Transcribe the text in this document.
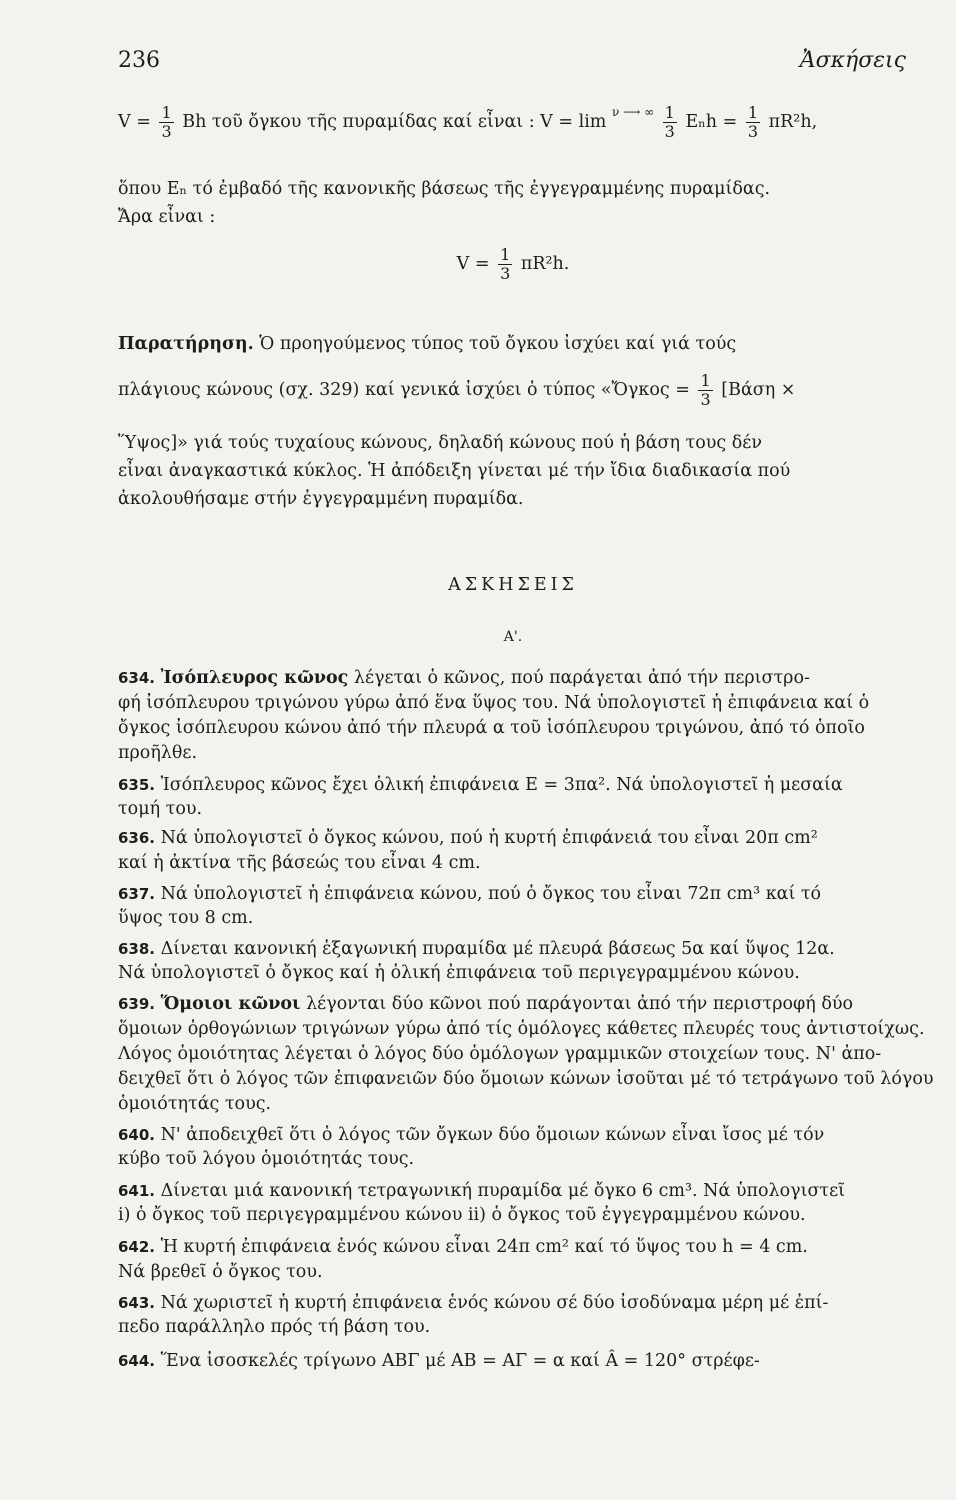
236	Ἀσκήσεις
$V = \frac{1}{3}$ Bh τοῦ ὄγκου τῆς πυραμίδας καί εἶναι : V = lim ν ⟶ ∞
$\frac{1}{3}$ $E_nh = \frac{1}{3} \pi R^2h$,
ὅπου Eₙ τό ἐμβαδό τῆς κανονικῆς βάσεως τῆς ἐγγεγραμμένης πυραμίδας.
Ἄρα εἶναι :
$V = \frac{1}{3} \pi R^2h$.
Παρατήρηση. Ὁ προηγούμενος τύπος τοῦ ὄγκου ἰσχύει καί γιά τούς
πλάγιους κώνους (σχ. 329) καί γενικά ἰσχύει ὁ τύπος «Ὄγκος = $\frac{1}{3} [Bά\sigma\eta$ ×
Ὕψος]» γιά τούς τυχαίους κώνους, δηλαδή κώνους πού ἡ βάση τους δέν
εἶναι ἀναγκαστικά κύκλος. Ἡ ἀπόδειξη γίνεται μέ τήν ἴδια διαδικασία πού
ἀκολουθήσαμε στήν ἐγγεγραμμένη πυραμίδα.
ΑΣΚΗΣΕΙΣ
Α'.
634. Ἰσόπλευρος κῶνος λέγεται ὁ κῶνος, πού παράγεται ἀπό τήν περιστρο-
φή ἰσόπλευρου τριγώνου γύρω ἀπό ἕνα ὕψος του. Νά ὑπολογιστεῖ ἡ ἐπιφάνεια καί ὁ
ὄγκος ἰσόπλευρου κώνου ἀπό τήν πλευρά α τοῦ ἰσόπλευρου τριγώνου, ἀπό τό ὁποῖο
προῆλθε.
635. Ἰσόπλευρος κῶνος ἔχει ὁλική ἐπιφάνεια E = 3πα². Νά ὑπολογιστεῖ ἡ μεσαία
τομή του.
636. Νά ὑπολογιστεῖ ὁ ὄγκος κώνου, πού ἡ κυρτή ἐπιφάνειά του εἶναι 20π cm²
καί ἡ ἀκτίνα τῆς βάσεώς του εἶναι 4 cm.
637. Νά ὑπολογιστεῖ ἡ ἐπιφάνεια κώνου, πού ὁ ὄγκος του εἶναι 72π cm³ καί τό
ὕψος του 8 cm.
638. Δίνεται κανονική ἑξαγωνική πυραμίδα μέ πλευρά βάσεως 5α καί ὕψος 12α.
Νά ὑπολογιστεῖ ὁ ὄγκος καί ἡ ὁλική ἐπιφάνεια τοῦ περιγεγραμμένου κώνου.
639. Ὅμοιοι κῶνοι λέγονται δύο κῶνοι πού παράγονται ἀπό τήν περιστροφή δύο
ὅμοιων ὀρθογώνιων τριγώνων γύρω ἀπό τίς ὁμόλογες κάθετες πλευρές τους ἀντιστοίχως.
Λόγος ὁμοιότητας λέγεται ὁ λόγος δύο ὁμόλογων γραμμικῶν στοιχείων τους. Ν' ἀπο-
δειχθεῖ ὅτι ὁ λόγος τῶν ἐπιφανειῶν δύο ὅμοιων κώνων ἰσοῦται μέ τό τετράγωνο τοῦ λόγου
ὁμοιότητάς τους.
640. Ν' ἀποδειχθεῖ ὅτι ὁ λόγος τῶν ὄγκων δύο ὅμοιων κώνων εἶναι ἴσος μέ τόν
κύβο τοῦ λόγου ὁμοιότητάς τους.
641. Δίνεται μιά κανονική τετραγωνική πυραμίδα μέ ὄγκο 6 cm³. Νά ὑπολογιστεῖ
i) ὁ ὄγκος τοῦ περιγεγραμμένου κώνου ii) ὁ ὄγκος τοῦ ἐγγεγραμμένου κώνου.
642. Ἡ κυρτή ἐπιφάνεια ἑνός κώνου εἶναι 24π cm² καί τό ὕψος του h = 4 cm.
Νά βρεθεῖ ὁ ὄγκος του.
643. Νά χωριστεῖ ἡ κυρτή ἐπιφάνεια ἑνός κώνου σέ δύο ἰσοδύναμα μέρη μέ ἐπί-
πεδο παράλληλο πρός τή βάση του.
644. Ἕνα ἰσοσκελές τρίγωνο ΑΒΓ μέ ΑΒ = ΑΓ = α καί Â = 120° στρέφε-
